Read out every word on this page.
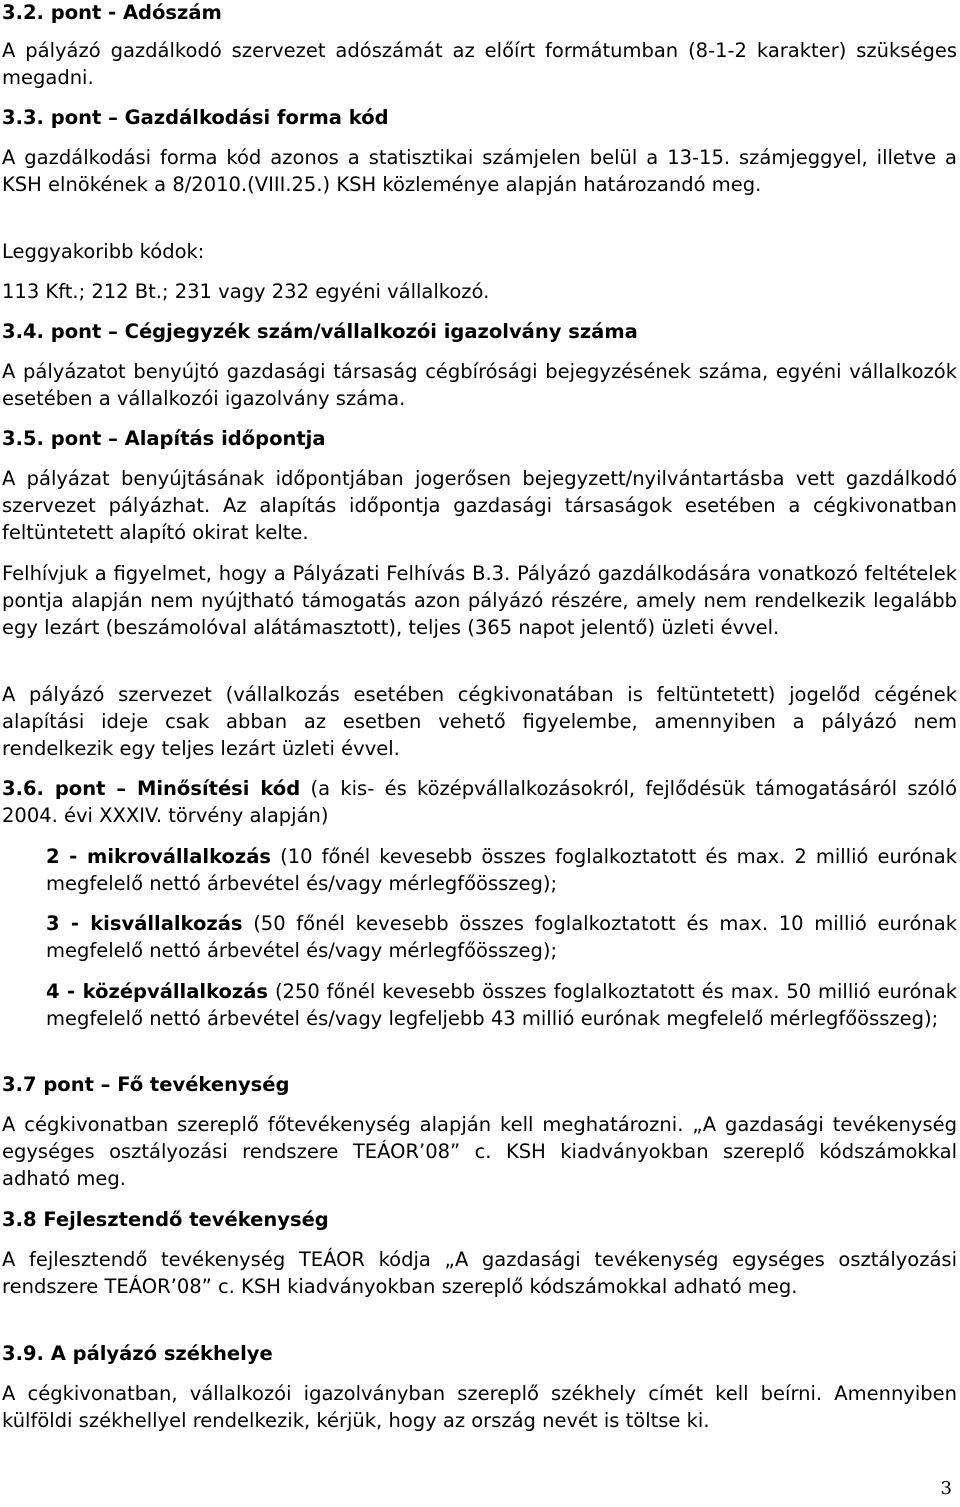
3.2. pont - Adószám

A pályázó gazdálkodó szervezet adószámát az előírt formátumban (8-1-2 karakter) szükséges megadni.

3.3. pont – Gazdálkodási forma kód

A gazdálkodási forma kód azonos a statisztikai számjelen belül a 13-15. számjeggyel, illetve a KSH elnökének a 8/2010.(VIII.25.) KSH közleménye alapján határozandó meg.

Leggyakoribb kódok:

113 Kft.; 212 Bt.; 231 vagy 232 egyéni vállalkozó.

3.4. pont – Cégjegyzék szám/vállalkozói igazolvány száma

A pályázatot benyújtó gazdasági társaság cégbírósági bejegyzésének száma, egyéni vállalkozók esetében a vállalkozói igazolvány száma.

3.5. pont – Alapítás időpontja

A pályázat benyújtásának időpontjában jogerősen bejegyzett/nyilvántartásba vett gazdálkodó szervezet pályázhat. Az alapítás időpontja gazdasági társaságok esetében a cégkivonatban feltüntetett alapító okirat kelte.

Felhívjuk a figyelmet, hogy a Pályázati Felhívás B.3. Pályázó gazdálkodására vonatkozó feltételek pontja alapján nem nyújtható támogatás azon pályázó részére, amely nem rendelkezik legalább egy lezárt (beszámolóval alátámasztott), teljes (365 napot jelentő) üzleti évvel.

A pályázó szervezet (vállalkozás esetében cégkivonatában is feltüntetett) jogelőd cégének alapítási ideje csak abban az esetben vehető figyelembe, amennyiben a pályázó nem rendelkezik egy teljes lezárt üzleti évvel.

3.6. pont – Minősítési kód (a kis- és középvállalkozásokról, fejlődésük támogatásáról szóló 2004. évi XXXIV. törvény alapján)

2 - mikrovállalkozás (10 főnél kevesebb összes foglalkoztatott és max. 2 millió eurónak megfelelő nettó árbevétel és/vagy mérlegfőösszeg);

3 - kisvállalkozás (50 főnél kevesebb összes foglalkoztatott és max. 10 millió eurónak megfelelő nettó árbevétel és/vagy mérlegfőösszeg);

4 - középvállalkozás (250 főnél kevesebb összes foglalkoztatott és max. 50 millió eurónak megfelelő nettó árbevétel és/vagy legfeljebb 43 millió eurónak megfelelő mérlegfőösszeg);

3.7 pont – Fő tevékenység

A cégkivonatban szereplő főtevékenység alapján kell meghatározni. „A gazdasági tevékenység egységes osztályozási rendszere TEÁOR’08” c. KSH kiadványokban szereplő kódszámokkal adható meg.

3.8 Fejlesztendő tevékenység

A fejlesztendő tevékenység TEÁOR kódja „A gazdasági tevékenység egységes osztályozási rendszere TEÁOR’08” c. KSH kiadványokban szereplő kódszámokkal adható meg.

3.9. A pályázó székhelye

A cégkivonatban, vállalkozói igazolványban szereplő székhely címét kell beírni. Amennyiben külföldi székhellyel rendelkezik, kérjük, hogy az ország nevét is töltse ki.

3
